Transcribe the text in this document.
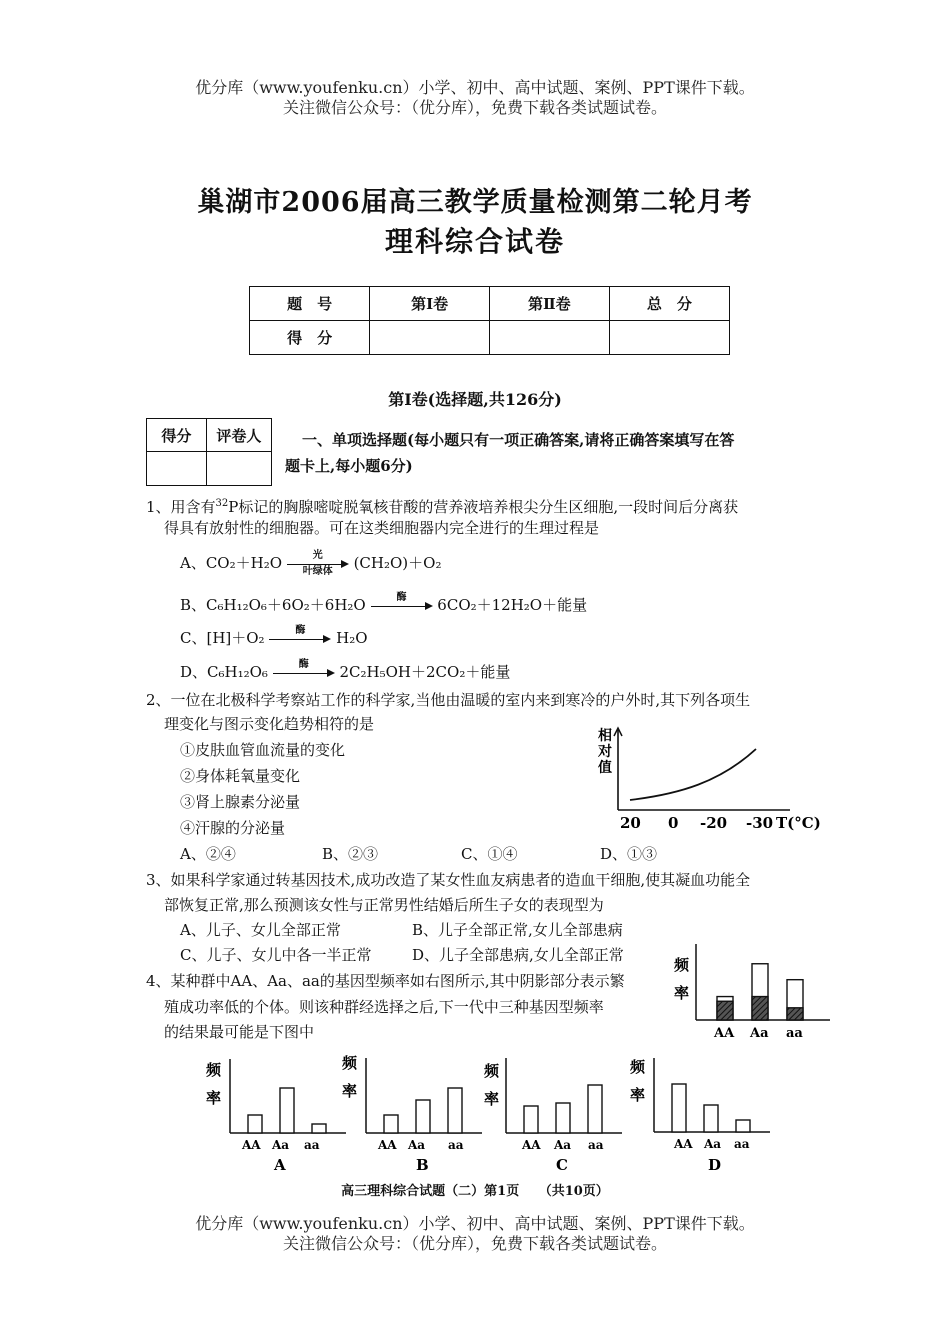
优分库（www.youfenku.cn）小学、初中、高中试题、案例、PPT课件下载。
关注微信公众号：（优分库），免费下载各类试题试卷。
巢湖市2006届高三教学质量检测第二轮月考
理科综合试卷
题　号	第Ⅰ卷	第Ⅱ卷	总　分
得　分			
第Ⅰ卷(选择题,共126分)
得分	评卷人
		一、单项选择题(每小题只有一项正确答案,请将正确答案填写在答
题卡上,每小题6分)
1、用含有$^{32}$P标记的胸腺嘧啶脱氧核苷酸的营养液培养根尖分生区细胞,一段时间后分离获
得具有放射性的细胞器。可在这类细胞器内完全进行的生理过程是
A、CO₂＋H₂O	光
叶绿体	(CH₂O)＋O₂
B、C₆H₁₂O₆＋6O₂＋6H₂O	酶	6CO₂＋12H₂O＋能量
C、[H]＋O₂	酶	H₂O
D、C₆H₁₂O₆	酶	2C₂H₅OH＋2CO₂＋能量
2、一位在北极科学考察站工作的科学家,当他由温暖的室内来到寒冷的户外时,其下列各项生
理变化与图示变化趋势相符的是
①皮肤血管血流量的变化
②身体耗氧量变化
③肾上腺素分泌量
④汗腺的分泌量
A、②④	B、②③	C、①④	D、①③
相
对
值
20 0 -20 -30 T(°C)
3、如果科学家通过转基因技术,成功改造了某女性血友病患者的造血干细胞,使其凝血功能全
部恢复正常,那么预测该女性与正常男性结婚后所生子女的表现型为
A、儿子、女儿全部正常	B、儿子全部正常,女儿全部患病
C、儿子、女儿中各一半正常	D、儿子全部患病,女儿全部正常
4、某种群中AA、Aa、aa的基因型频率如右图所示,其中阴影部分表示繁
殖成功率低的个体。则该种群经选择之后,下一代中三种基因型频率
的结果最可能是下图中
频
率
AA Aa aa
频
率
AA Aa aa
A
频
率
AA Aa aa
B
频
率
AA Aa aa
C
频
率
AA Aa aa
D
高三理科综合试题（二）第1页　　（共10页）
优分库（www.youfenku.cn）小学、初中、高中试题、案例、PPT课件下载。
关注微信公众号：（优分库），免费下载各类试题试卷。
